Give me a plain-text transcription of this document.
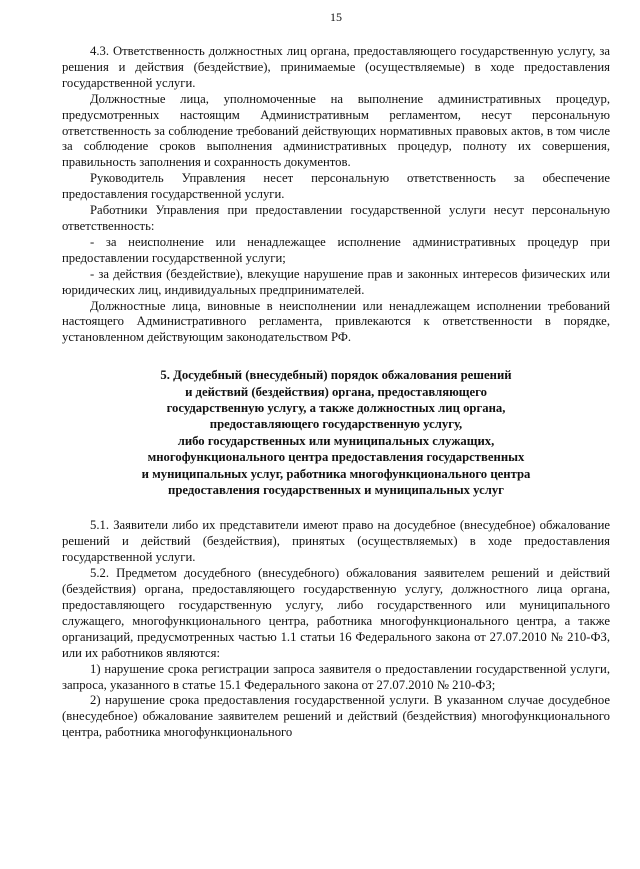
15

4.3. Ответственность должностных лиц органа, предоставляющего государственную услугу, за решения и действия (бездействие), принимаемые (осуществляемые) в ходе предоставления государственной услуги.

Должностные лица, уполномоченные на выполнение административных процедур, предусмотренных настоящим Административным регламентом, несут персональную ответственность за соблюдение требований действующих нормативных правовых актов, в том числе за соблюдение сроков выполнения административных процедур, полноту их совершения, правильность заполнения и сохранность документов.

Руководитель Управления несет персональную ответственность за обеспечение предоставления государственной услуги.

Работники Управления при предоставлении государственной услуги несут персональную ответственность:

- за неисполнение или ненадлежащее исполнение административных процедур при предоставлении государственной услуги;

- за действия (бездействие), влекущие нарушение прав и законных интересов физических или юридических лиц, индивидуальных предпринимателей.

Должностные лица, виновные в неисполнении или ненадлежащем исполнении требований настоящего Административного регламента, привлекаются к ответственности в порядке, установленном действующим законодательством РФ.

5. Досудебный (внесудебный) порядок обжалования решений
и действий (бездействия) органа, предоставляющего
государственную услугу, а также должностных лиц органа,
предоставляющего государственную услугу,
либо государственных или муниципальных служащих,
многофункционального центра предоставления государственных
и муниципальных услуг, работника многофункционального центра
предоставления государственных и муниципальных услуг

5.1. Заявители либо их представители имеют право на досудебное (внесудебное) обжалование решений и действий (бездействия), принятых (осуществляемых) в ходе предоставления государственной услуги.

5.2. Предметом досудебного (внесудебного) обжалования заявителем решений и действий (бездействия) органа, предоставляющего государственную услугу, должностного лица органа, предоставляющего государственную услугу, либо государственного или муниципального служащего, многофункционального центра, работника многофункционального центра, а также организаций, предусмотренных частью 1.1 статьи 16 Федерального закона от 27.07.2010 № 210-ФЗ, или их работников являются:

1) нарушение срока регистрации запроса заявителя о предоставлении государственной услуги, запроса, указанного в статье 15.1 Федерального закона от 27.07.2010 № 210-ФЗ;

2) нарушение срока предоставления государственной услуги. В указанном случае досудебное (внесудебное) обжалование заявителем решений и действий (бездействия) многофункционального центра, работника многофункционального
